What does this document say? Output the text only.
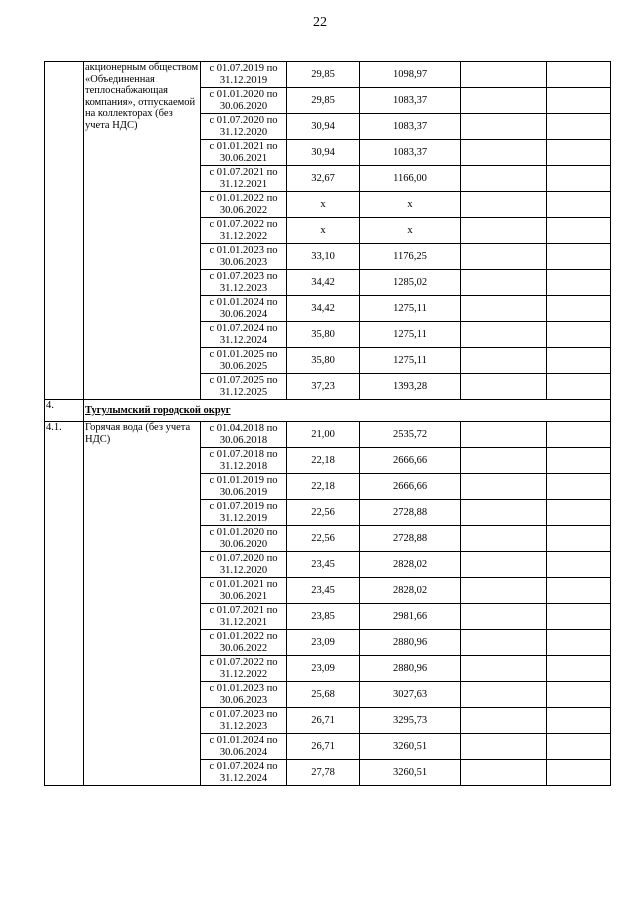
22
	акционерным обществом «Объединенная теплоснабжающая компания», отпускаемой на коллекторах (без учета НДС)	с 01.07.2019 по 31.12.2019	29,85	1098,97		
		с 01.01.2020 по 30.06.2020	29,85	1083,37		
		с 01.07.2020 по 31.12.2020	30,94	1083,37		
		с 01.01.2021 по 30.06.2021	30,94	1083,37		
		с 01.07.2021 по 31.12.2021	32,67	1166,00		
		с 01.01.2022 по 30.06.2022	х	х		
		с 01.07.2022 по 31.12.2022	х	х		
		с 01.01.2023 по 30.06.2023	33,10	1176,25		
		с 01.07.2023 по 31.12.2023	34,42	1285,02		
		с 01.01.2024 по 30.06.2024	34,42	1275,11		
		с 01.07.2024 по 31.12.2024	35,80	1275,11		
		с 01.01.2025 по 30.06.2025	35,80	1275,11		
		с 01.07.2025 по 31.12.2025	37,23	1393,28		
4.	Тугулымский городской округ					
4.1.	Горячая вода (без учета НДС)	с 01.04.2018 по 30.06.2018	21,00	2535,72		
		с 01.07.2018 по 31.12.2018	22,18	2666,66		
		с 01.01.2019 по 30.06.2019	22,18	2666,66		
		с 01.07.2019 по 31.12.2019	22,56	2728,88		
		с 01.01.2020 по 30.06.2020	22,56	2728,88		
		с 01.07.2020 по 31.12.2020	23,45	2828,02		
		с 01.01.2021 по 30.06.2021	23,45	2828,02		
		с 01.07.2021 по 31.12.2021	23,85	2981,66		
		с 01.01.2022 по 30.06.2022	23,09	2880,96		
		с 01.07.2022 по 31.12.2022	23,09	2880,96		
		с 01.01.2023 по 30.06.2023	25,68	3027,63		
		с 01.07.2023 по 31.12.2023	26,71	3295,73		
		с 01.01.2024 по 30.06.2024	26,71	3260,51		
		с 01.07.2024 по 31.12.2024	27,78	3260,51		
